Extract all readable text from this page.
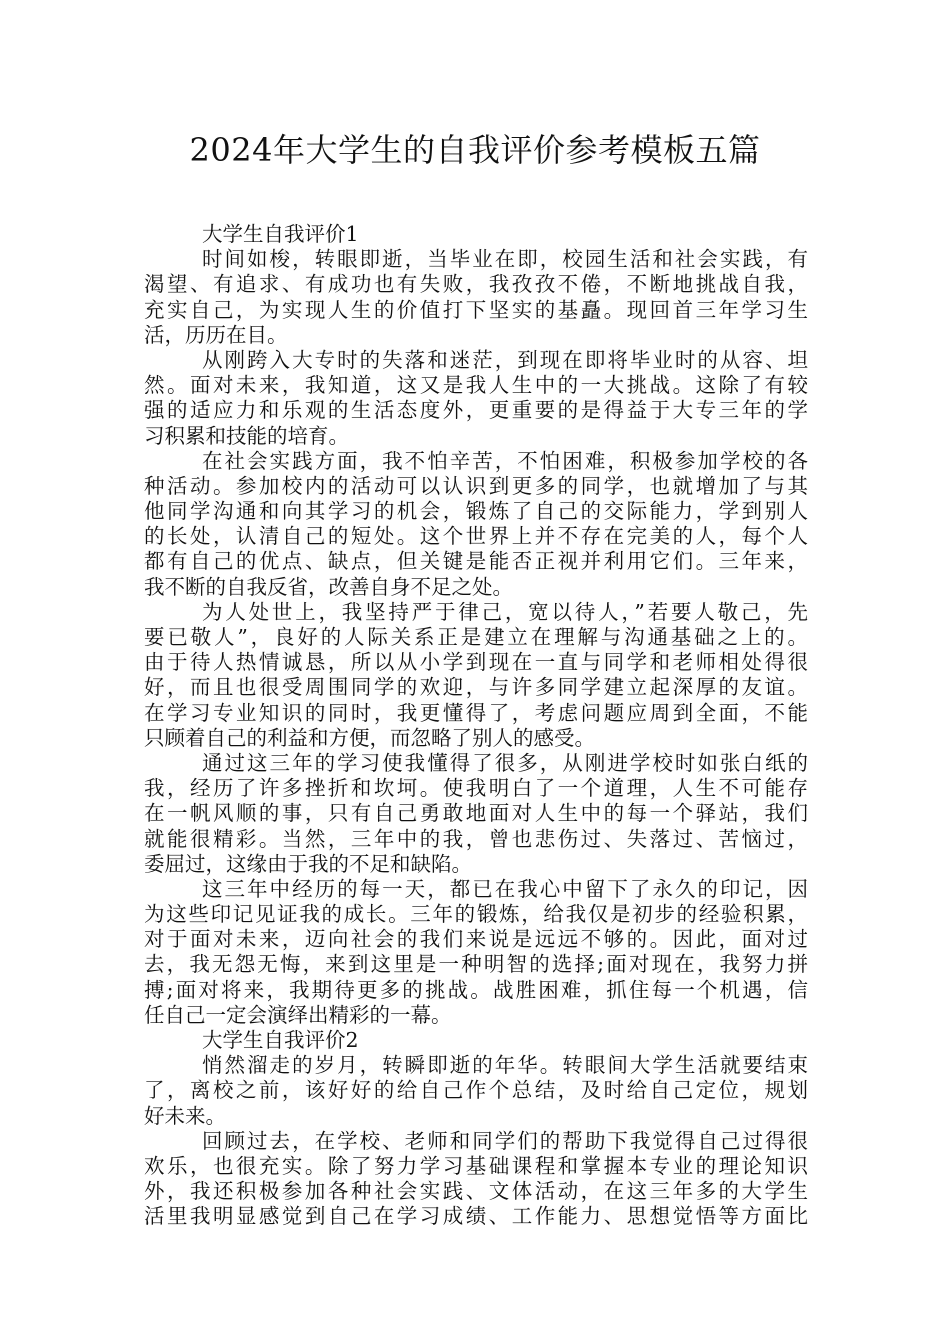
2024年大学生的自我评价参考模板五篇
大学生自我评价1
时间如梭，转眼即逝，当毕业在即，校园生活和社会实践，有
渴望、有追求、有成功也有失败，我孜孜不倦，不断地挑战自我，
充实自己，为实现人生的价值打下坚实的基矗。现回首三年学习生
活，历历在目。
从刚跨入大专时的失落和迷茫，到现在即将毕业时的从容、坦
然。面对未来，我知道，这又是我人生中的一大挑战。这除了有较
强的适应力和乐观的生活态度外，更重要的是得益于大专三年的学
习积累和技能的培育。
在社会实践方面，我不怕辛苦，不怕困难，积极参加学校的各
种活动。参加校内的活动可以认识到更多的同学，也就增加了与其
他同学沟通和向其学习的机会，锻炼了自己的交际能力，学到别人
的长处，认清自己的短处。这个世界上并不存在完美的人，每个人
都有自己的优点、缺点，但关键是能否正视并利用它们。三年来，
我不断的自我反省，改善自身不足之处。
为人处世上，我坚持严于律己，宽以待人，”若要人敬己，先
要已敬人”，良好的人际关系正是建立在理解与沟通基础之上的。
由于待人热情诚恳，所以从小学到现在一直与同学和老师相处得很
好，而且也很受周围同学的欢迎，与许多同学建立起深厚的友谊。
在学习专业知识的同时，我更懂得了，考虑问题应周到全面，不能
只顾着自己的利益和方便，而忽略了别人的感受。
通过这三年的学习使我懂得了很多，从刚进学校时如张白纸的
我，经历了许多挫折和坎坷。使我明白了一个道理，人生不可能存
在一帆风顺的事，只有自己勇敢地面对人生中的每一个驿站，我们
就能很精彩。当然，三年中的我，曾也悲伤过、失落过、苦恼过，
委屈过，这缘由于我的不足和缺陷。
这三年中经历的每一天，都已在我心中留下了永久的印记，因
为这些印记见证我的成长。三年的锻炼，给我仅是初步的经验积累，
对于面对未来，迈向社会的我们来说是远远不够的。因此，面对过
去，我无怨无悔，来到这里是一种明智的选择;面对现在，我努力拼
搏;面对将来，我期待更多的挑战。战胜困难，抓住每一个机遇，信
任自己一定会演绎出精彩的一幕。
大学生自我评价2
悄然溜走的岁月，转瞬即逝的年华。转眼间大学生活就要结束
了，离校之前，该好好的给自己作个总结，及时给自己定位，规划
好未来。
回顾过去，在学校、老师和同学们的帮助下我觉得自己过得很
欢乐，也很充实。除了努力学习基础课程和掌握本专业的理论知识
外，我还积极参加各种社会实践、文体活动，在这三年多的大学生
活里我明显感觉到自己在学习成绩、工作能力、思想觉悟等方面比
